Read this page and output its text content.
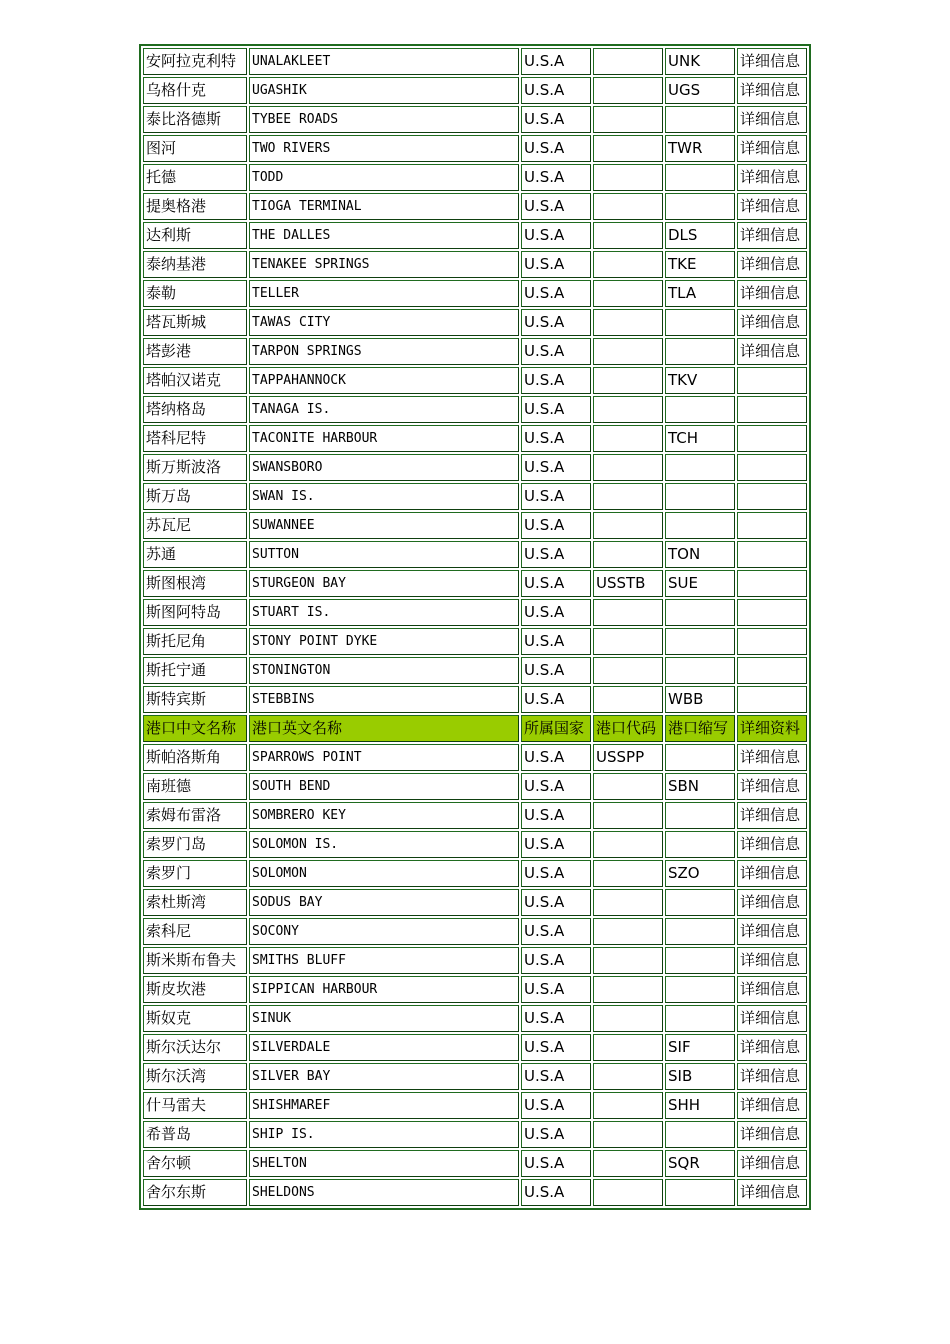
安阿拉克利特	UNALAKLEET	U.S.A		UNK	详细信息
乌格什克	UGASHIK	U.S.A		UGS	详细信息
泰比洛德斯	TYBEE ROADS	U.S.A			详细信息
图河	TWO RIVERS	U.S.A		TWR	详细信息
托德	TODD	U.S.A			详细信息
提奥格港	TIOGA TERMINAL	U.S.A			详细信息
达利斯	THE DALLES	U.S.A		DLS	详细信息
泰纳基港	TENAKEE SPRINGS	U.S.A		TKE	详细信息
泰勒	TELLER	U.S.A		TLA	详细信息
塔瓦斯城	TAWAS CITY	U.S.A			详细信息
塔彭港	TARPON SPRINGS	U.S.A			详细信息
塔帕汉诺克	TAPPAHANNOCK	U.S.A		TKV	
塔纳格岛	TANAGA IS.	U.S.A			
塔科尼特	TACONITE HARBOUR	U.S.A		TCH	
斯万斯波洛	SWANSBORO	U.S.A			
斯万岛	SWAN IS.	U.S.A			
苏瓦尼	SUWANNEE	U.S.A			
苏通	SUTTON	U.S.A		TON	
斯图根湾	STURGEON BAY	U.S.A	USSTB	SUE	
斯图阿特岛	STUART IS.	U.S.A			
斯托尼角	STONY POINT DYKE	U.S.A			
斯托宁通	STONINGTON	U.S.A			
斯特宾斯	STEBBINS	U.S.A		WBB	
港口中文名称	港口英文名称	所属国家	港口代码	港口缩写	详细资料
斯帕洛斯角	SPARROWS POINT	U.S.A	USSPP		详细信息
南班德	SOUTH BEND	U.S.A		SBN	详细信息
索姆布雷洛	SOMBRERO KEY	U.S.A			详细信息
索罗门岛	SOLOMON IS.	U.S.A			详细信息
索罗门	SOLOMON	U.S.A		SZO	详细信息
索杜斯湾	SODUS BAY	U.S.A			详细信息
索科尼	SOCONY	U.S.A			详细信息
斯米斯布鲁夫	SMITHS BLUFF	U.S.A			详细信息
斯皮坎港	SIPPICAN HARBOUR	U.S.A			详细信息
斯奴克	SINUK	U.S.A			详细信息
斯尔沃达尔	SILVERDALE	U.S.A		SIF	详细信息
斯尔沃湾	SILVER BAY	U.S.A		SIB	详细信息
什马雷夫	SHISHMAREF	U.S.A		SHH	详细信息
希普岛	SHIP IS.	U.S.A			详细信息
舍尔顿	SHELTON	U.S.A		SQR	详细信息
舍尔东斯	SHELDONS	U.S.A			详细信息
